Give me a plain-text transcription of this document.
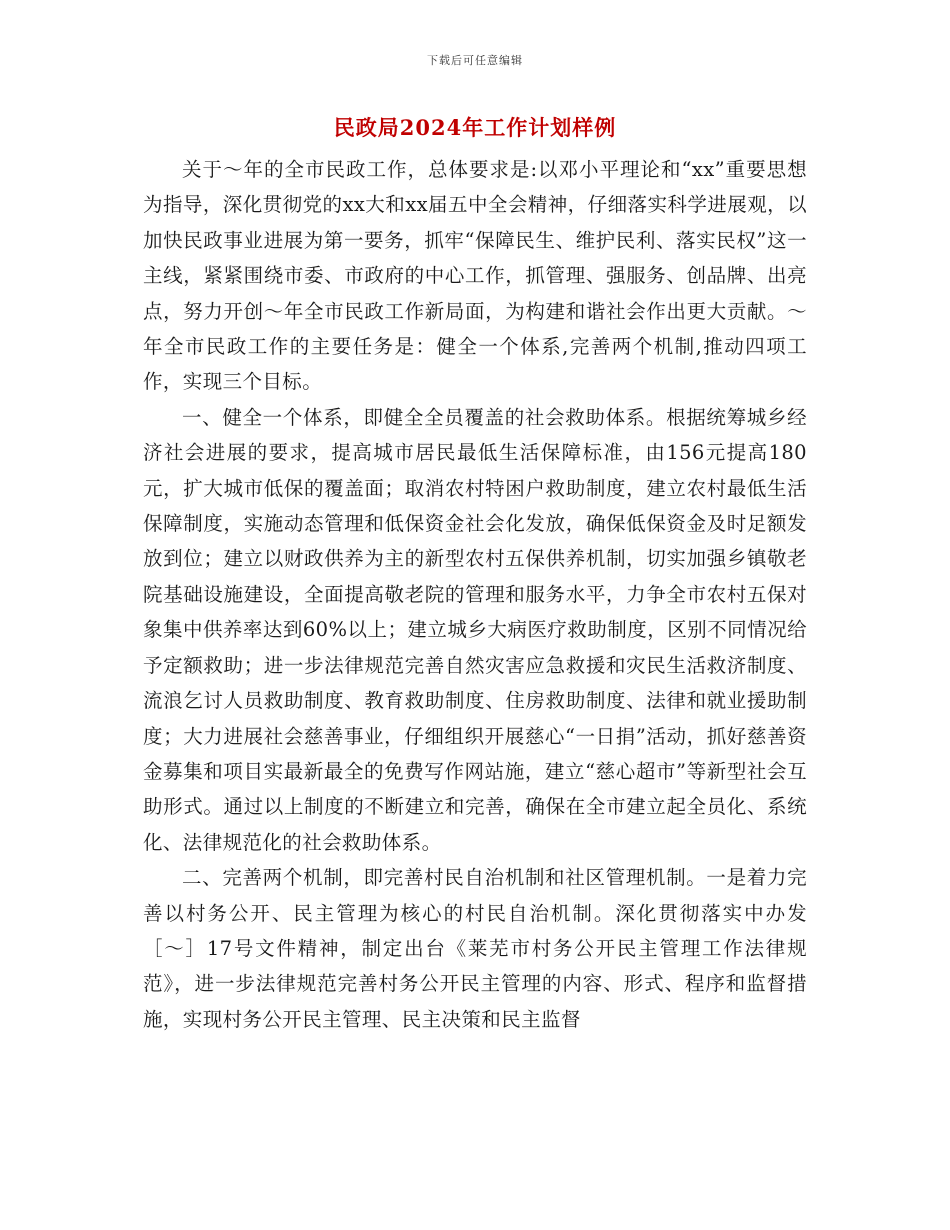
下载后可任意编辑
民政局2024年工作计划样例

关于～年的全市民政工作，总体要求是:以邓小平理论和“xx”重要思想为指导，深化贯彻党的xx大和xx届五中全会精神，仔细落实科学进展观，以加快民政事业进展为第一要务，抓牢“保障民生、维护民利、落实民权”这一主线，紧紧围绕市委、市政府的中心工作，抓管理、强服务、创品牌、出亮点，努力开创～年全市民政工作新局面，为构建和谐社会作出更大贡献。～年全市民政工作的主要任务是：健全一个体系,完善两个机制,推动四项工作，实现三个目标。

一、健全一个体系，即健全全员覆盖的社会救助体系。根据统筹城乡经济社会进展的要求，提高城市居民最低生活保障标准，由156元提高180元，扩大城市低保的覆盖面；取消农村特困户救助制度，建立农村最低生活保障制度，实施动态管理和低保资金社会化发放，确保低保资金及时足额发放到位；建立以财政供养为主的新型农村五保供养机制，切实加强乡镇敬老院基础设施建设，全面提高敬老院的管理和服务水平，力争全市农村五保对象集中供养率达到60%以上；建立城乡大病医疗救助制度，区别不同情况给予定额救助；进一步法律规范完善自然灾害应急救援和灾民生活救济制度、流浪乞讨人员救助制度、教育救助制度、住房救助制度、法律和就业援助制度；大力进展社会慈善事业，仔细组织开展慈心“一日捐”活动，抓好慈善资金募集和项目实最新最全的免费写作网站施，建立“慈心超市”等新型社会互助形式。通过以上制度的不断建立和完善，确保在全市建立起全员化、系统化、法律规范化的社会救助体系。

二、完善两个机制，即完善村民自治机制和社区管理机制。一是着力完善以村务公开、民主管理为核心的村民自治机制。深化贯彻落实中办发［～］17号文件精神，制定出台《莱芜市村务公开民主管理工作法律规范》，进一步法律规范完善村务公开民主管理的内容、形式、程序和监督措施，实现村务公开民主管理、民主决策和民主监督
